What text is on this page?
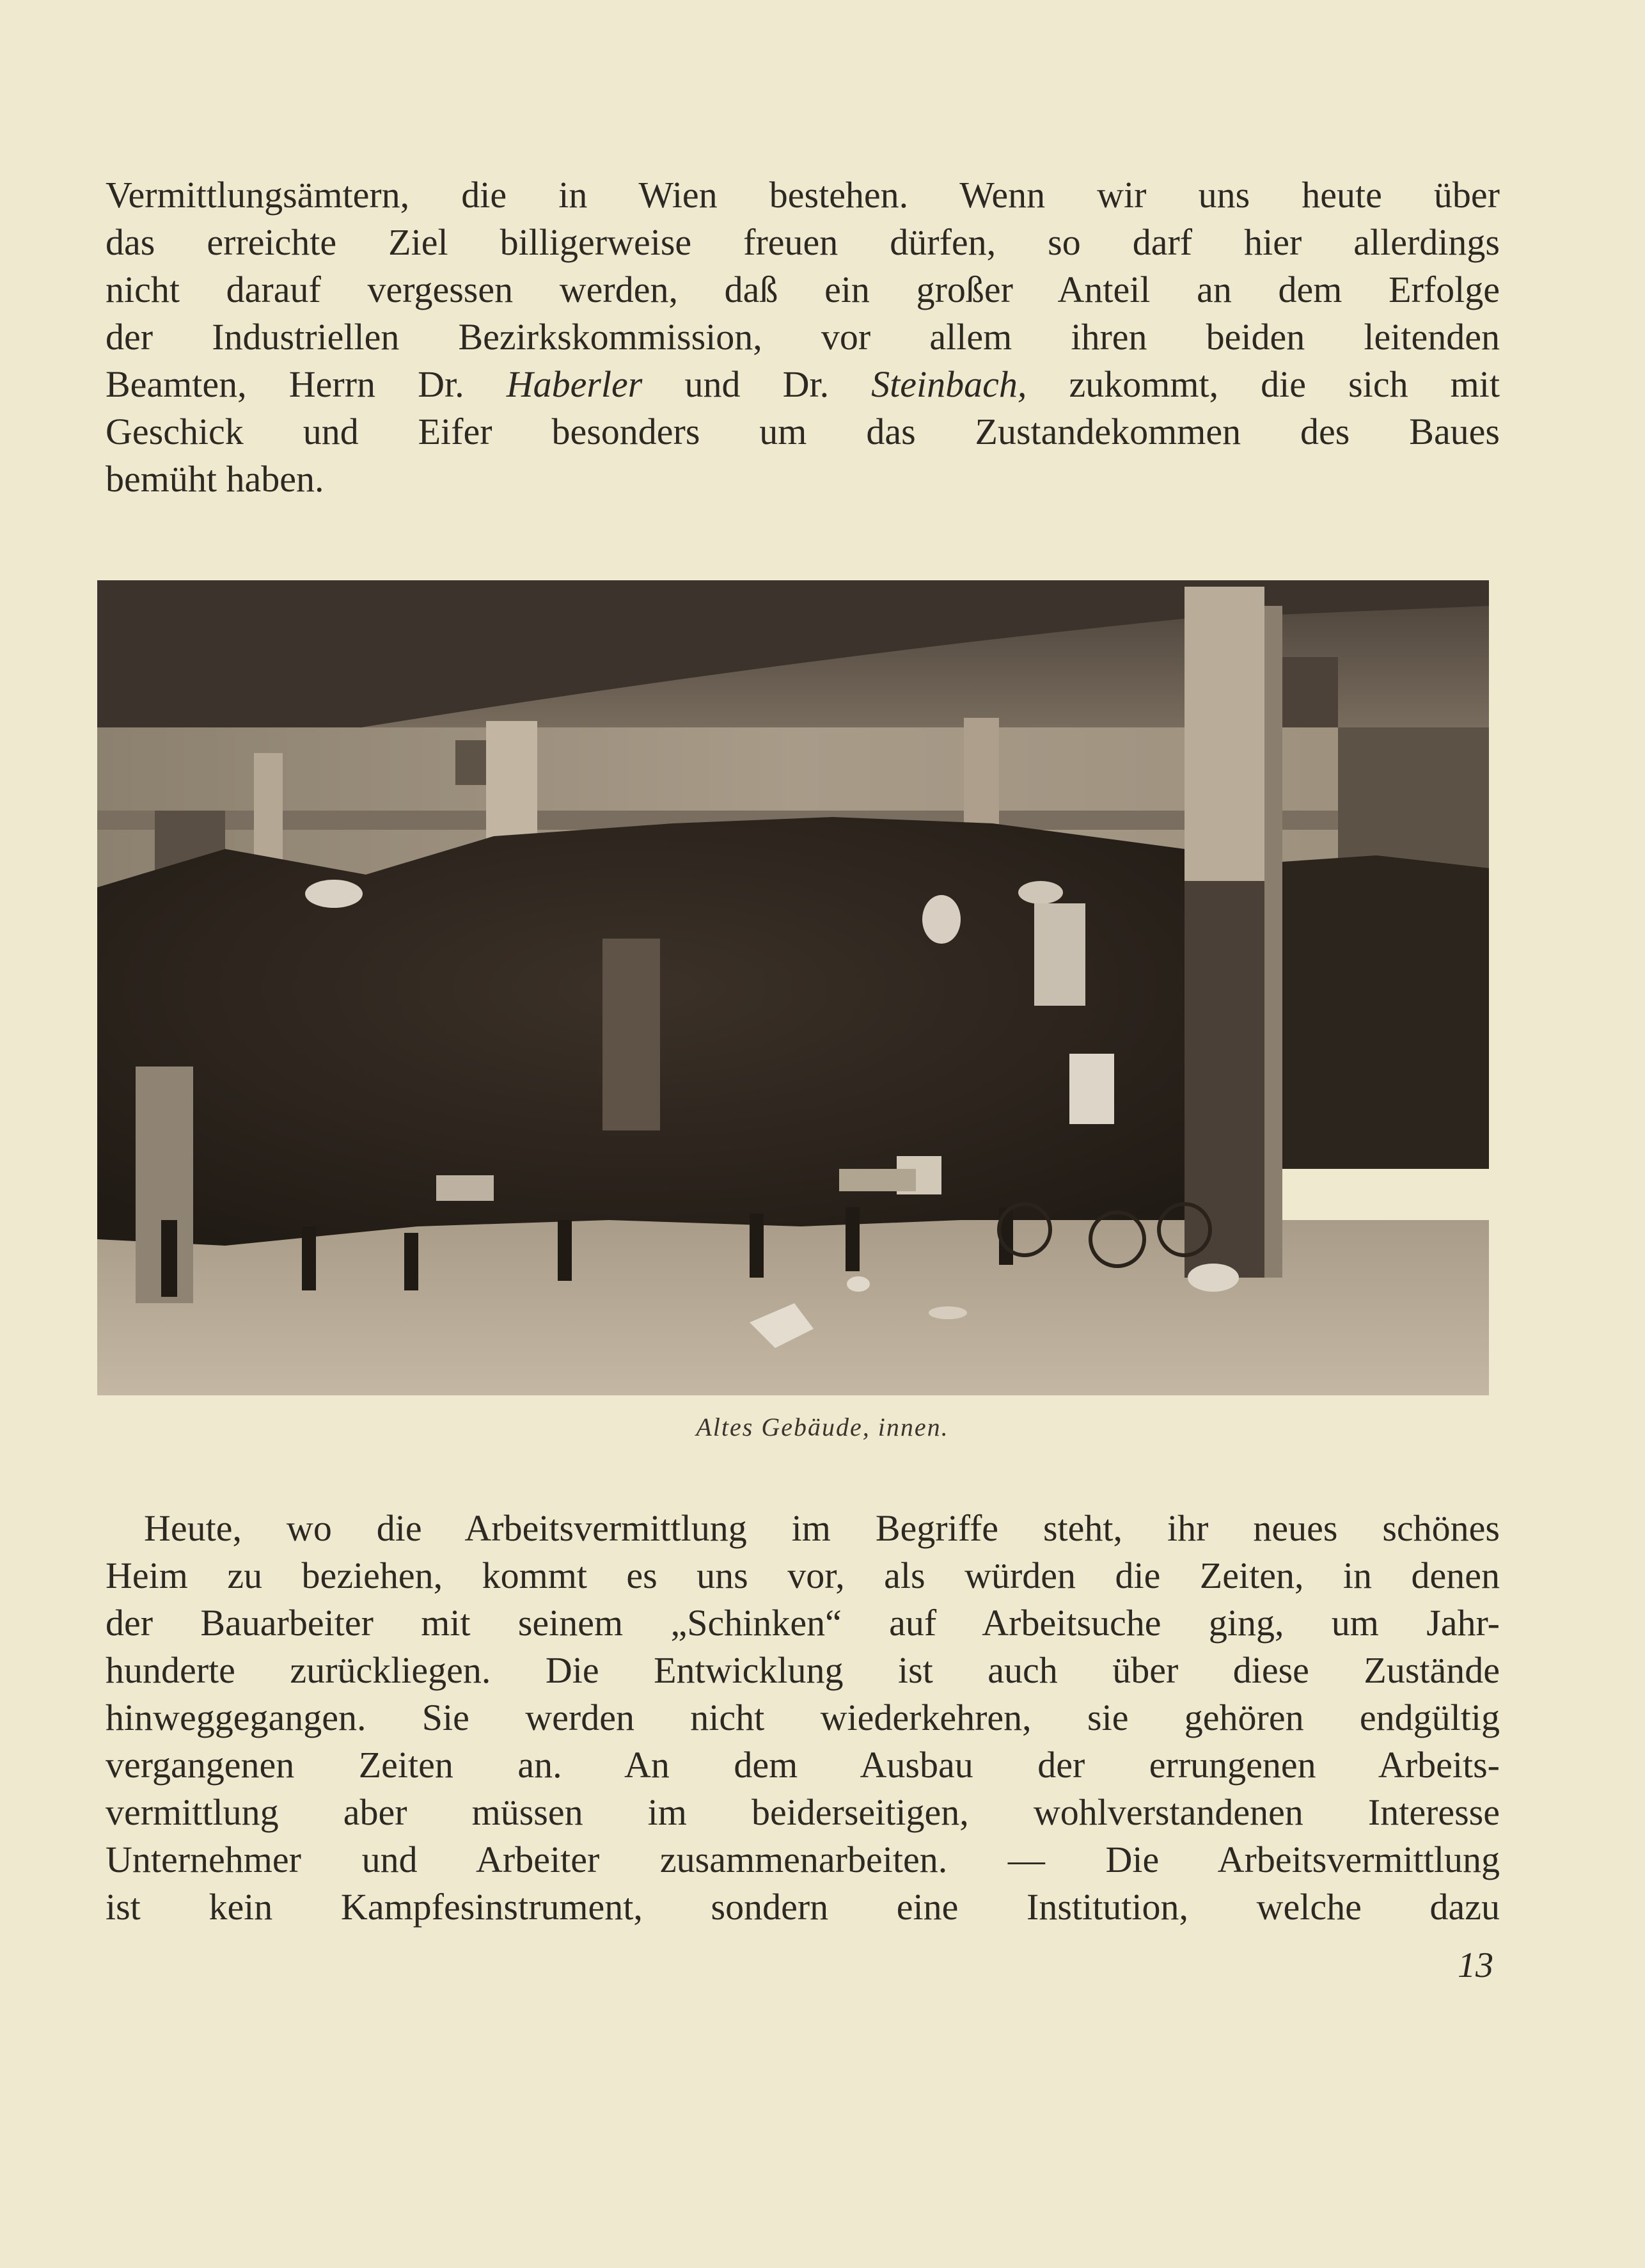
Vermittlungsämtern, die in Wien bestehen. Wenn wir uns heute über
das erreichte Ziel billigerweise freuen dürfen, so darf hier allerdings
nicht darauf vergessen werden, daß ein großer Anteil an dem Erfolge
der Industriellen Bezirkskommission, vor allem ihren beiden leitenden
Beamten, Herrn Dr. Haberler und Dr. Steinbach, zukommt, die sich mit
Geschick und Eifer besonders um das Zustandekommen des Baues
bemüht haben.
Altes Gebäude, innen.
Heute, wo die Arbeitsvermittlung im Begriffe steht, ihr neues schönes
Heim zu beziehen, kommt es uns vor, als würden die Zeiten, in denen
der Bauarbeiter mit seinem „Schinken“ auf Arbeitsuche ging, um Jahr-
hunderte zurückliegen. Die Entwicklung ist auch über diese Zustände
hinweggegangen. Sie werden nicht wiederkehren, sie gehören endgültig
vergangenen Zeiten an. An dem Ausbau der errungenen Arbeits-
vermittlung aber müssen im beiderseitigen, wohlverstandenen Interesse
Unternehmer und Arbeiter zusammenarbeiten. — Die Arbeitsvermittlung
ist kein Kampfesinstrument, sondern eine Institution, welche dazu
13
